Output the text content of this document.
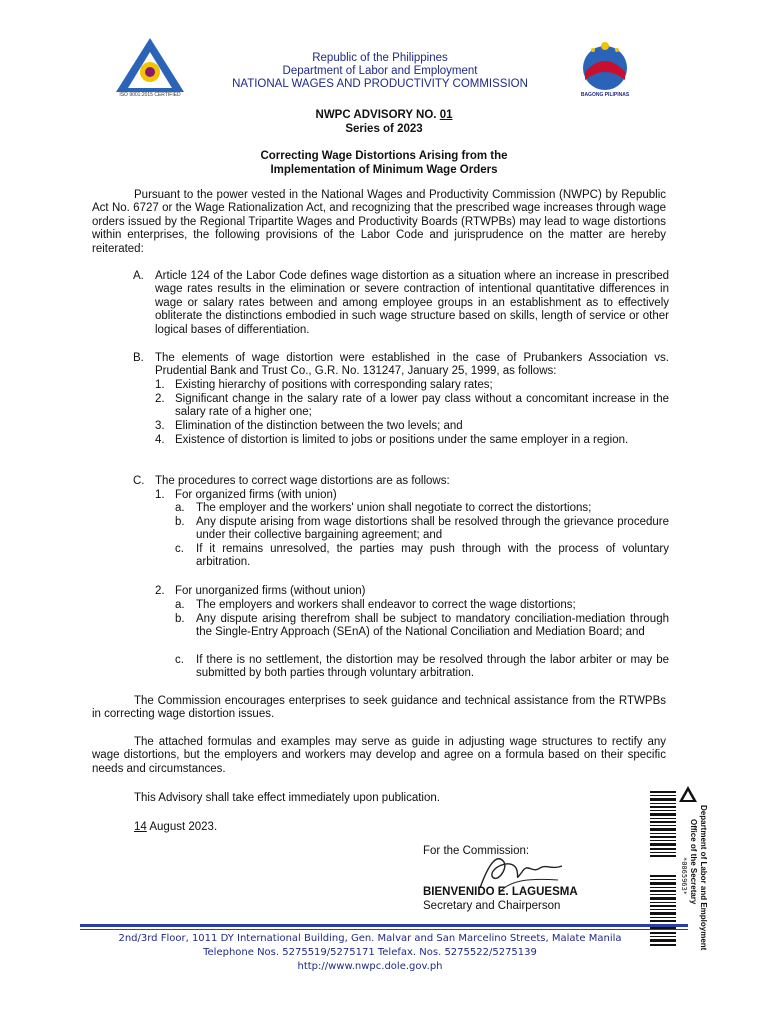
ISO 9001:2015 CERTIFIED
Republic of the Philippines
Department of Labor and Employment
NATIONAL WAGES AND PRODUCTIVITY COMMISSION
BAGONG PILIPINAS
NWPC ADVISORY NO. 01
Series of 2023
Correcting Wage Distortions Arising from the
Implementation of Minimum Wage Orders
Pursuant to the power vested in the National Wages and Productivity Commission (NWPC) by Republic Act No. 6727 or the Wage Rationalization Act, and recognizing that the prescribed wage increases through wage orders issued by the Regional Tripartite Wages and Productivity Boards (RTWPBs) may lead to wage distortions within enterprises, the following provisions of the Labor Code and jurisprudence on the matter are hereby reiterated:
A. Article 124 of the Labor Code defines wage distortion as a situation where an increase in prescribed wage rates results in the elimination or severe contraction of intentional quantitative differences in wage or salary rates between and among employee groups in an establishment as to effectively obliterate the distinctions embodied in such wage structure based on skills, length of service or other logical bases of differentiation.
B. The elements of wage distortion were established in the case of Prubankers Association vs. Prudential Bank and Trust Co., G.R. No. 131247, January 25, 1999, as follows:
1. Existing hierarchy of positions with corresponding salary rates;
2. Significant change in the salary rate of a lower pay class without a concomitant increase in the salary rate of a higher one;
3. Elimination of the distinction between the two levels; and
4. Existence of distortion is limited to jobs or positions under the same employer in a region.
C. The procedures to correct wage distortions are as follows:
1. For organized firms (with union)
a. The employer and the workers' union shall negotiate to correct the distortions;
b. Any dispute arising from wage distortions shall be resolved through the grievance procedure under their collective bargaining agreement; and
c. If it remains unresolved, the parties may push through with the process of voluntary arbitration.
2. For unorganized firms (without union)
a. The employers and workers shall endeavor to correct the wage distortions;
b. Any dispute arising therefrom shall be subject to mandatory conciliation-mediation through the Single-Entry Approach (SEnA) of the National Conciliation and Mediation Board; and
c. If there is no settlement, the distortion may be resolved through the labor arbiter or may be submitted by both parties through voluntary arbitration.
The Commission encourages enterprises to seek guidance and technical assistance from the RTWPBs in correcting wage distortion issues.
The attached formulas and examples may serve as guide in adjusting wage structures to rectify any wage distortions, but the employers and workers may develop and agree on a formula based on their specific needs and circumstances.
This Advisory shall take effect immediately upon publication.
14 August 2023.
For the Commission:
BIENVENIDO E. LAGUESMA
Secretary and Chairperson
*0065963* Department of Labor and Employment
Office of the Secretary
2nd/3rd Floor, 1011 DY International Building, Gen. Malvar and San Marcelino Streets, Malate Manila
Telephone Nos. 5275519/5275171 Telefax. Nos. 5275522/5275139
http://www.nwpc.dole.gov.ph
